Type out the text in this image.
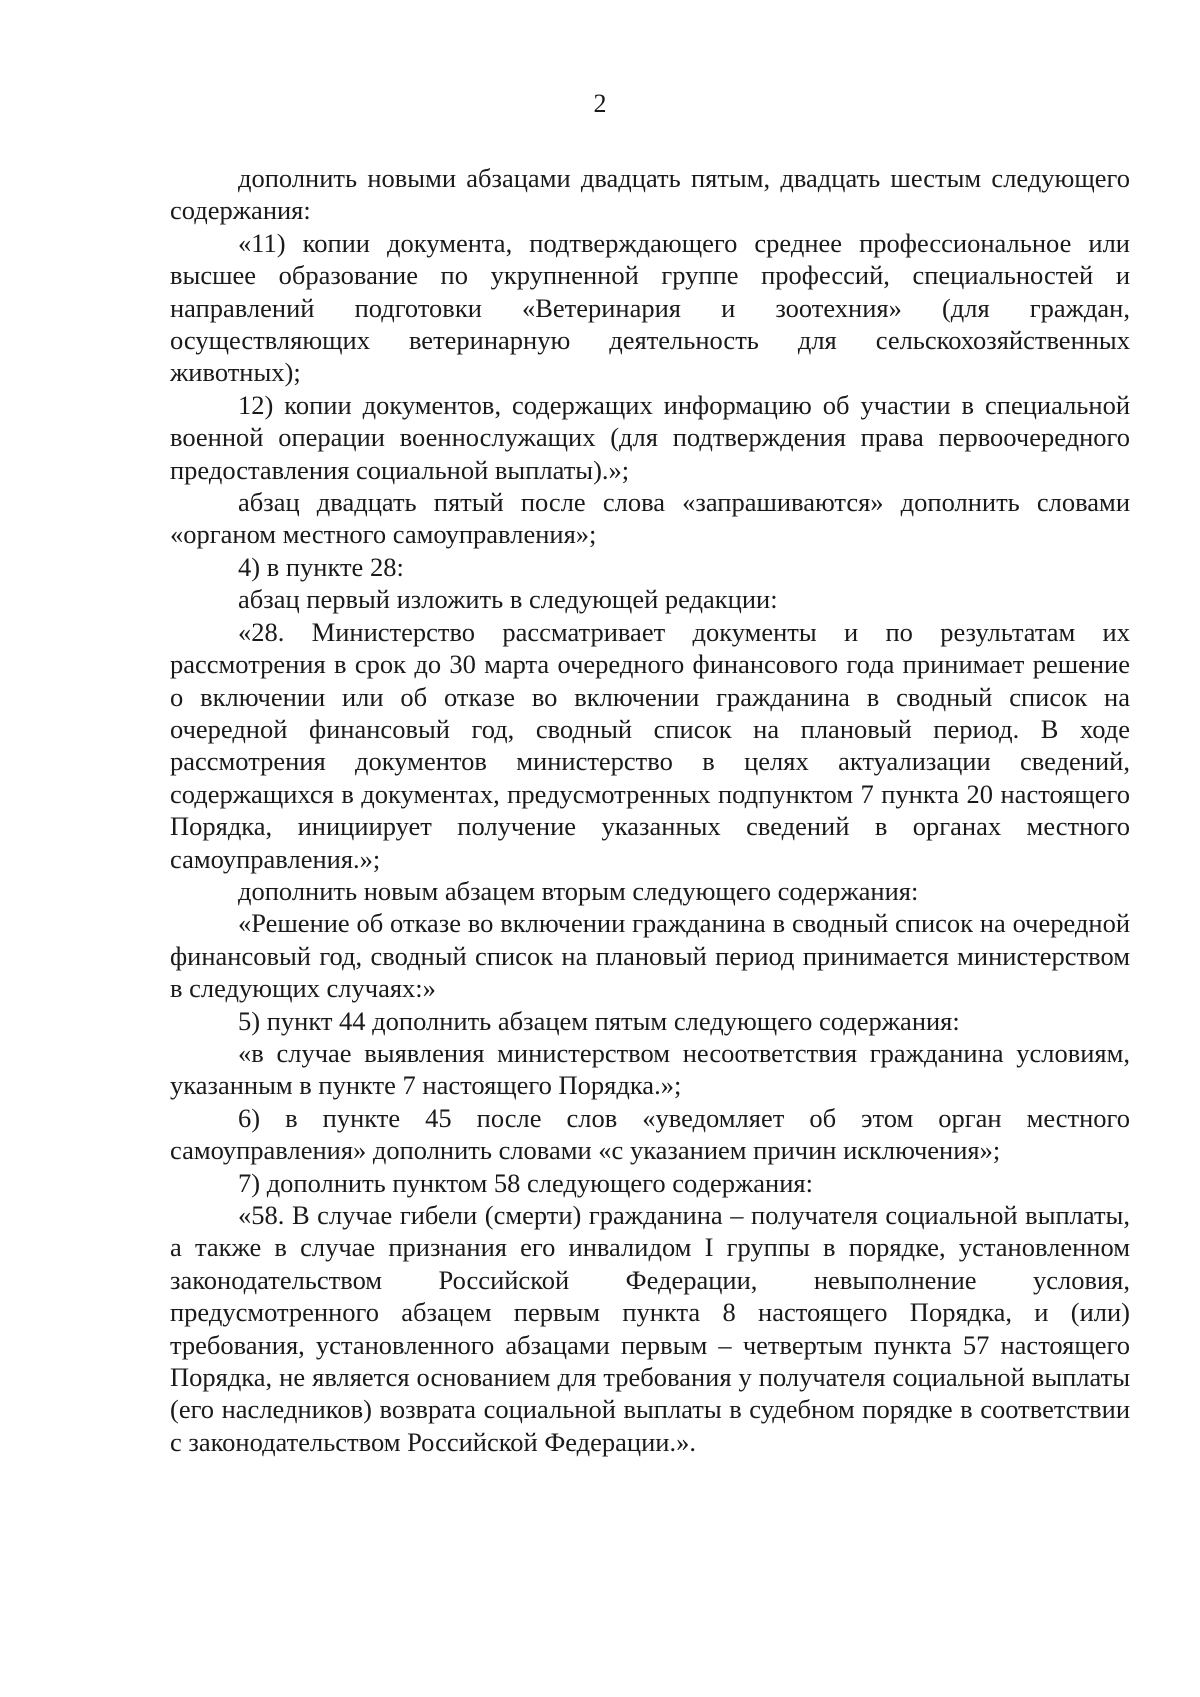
2

дополнить новыми абзацами двадцать пятым, двадцать шестым следующего содержания:

«11) копии документа, подтверждающего среднее профессиональное или высшее образование по укрупненной группе профессий, специальностей и направлений подготовки «Ветеринария и зоотехния» (для граждан, осуществляющих ветеринарную деятельность для сельскохозяйственных животных);

12) копии документов, содержащих информацию об участии в специальной военной операции военнослужащих (для подтверждения права первоочередного предоставления социальной выплаты).»;

абзац двадцать пятый после слова «запрашиваются» дополнить словами «органом местного самоуправления»;

4) в пункте 28:

абзац первый изложить в следующей редакции:

«28. Министерство рассматривает документы и по результатам их рассмотрения в срок до 30 марта очередного финансового года принимает решение о включении или об отказе во включении гражданина в сводный список на очередной финансовый год, сводный список на плановый период. В ходе рассмотрения документов министерство в целях актуализации сведений, содержащихся в документах, предусмотренных подпунктом 7 пункта 20 настоящего Порядка, инициирует получение указанных сведений в органах местного самоуправления.»;

дополнить новым абзацем вторым следующего содержания:

«Решение об отказе во включении гражданина в сводный список на очередной финансовый год, сводный список на плановый период принимается министерством в следующих случаях:»

5) пункт 44 дополнить абзацем пятым следующего содержания:

«в случае выявления министерством несоответствия гражданина условиям, указанным в пункте 7 настоящего Порядка.»;

6) в пункте 45 после слов «уведомляет об этом орган местного самоуправления» дополнить словами «с указанием причин исключения»;

7) дополнить пунктом 58 следующего содержания:

«58. В случае гибели (смерти) гражданина – получателя социальной выплаты, а также в случае признания его инвалидом I группы в порядке, установленном законодательством Российской Федерации, невыполнение условия, предусмотренного абзацем первым пункта 8 настоящего Порядка, и (или) требования, установленного абзацами первым – четвертым пункта 57 настоящего Порядка, не является основанием для требования у получателя социальной выплаты (его наследников) возврата социальной выплаты в судебном порядке в соответствии с законодательством Российской Федерации.».
